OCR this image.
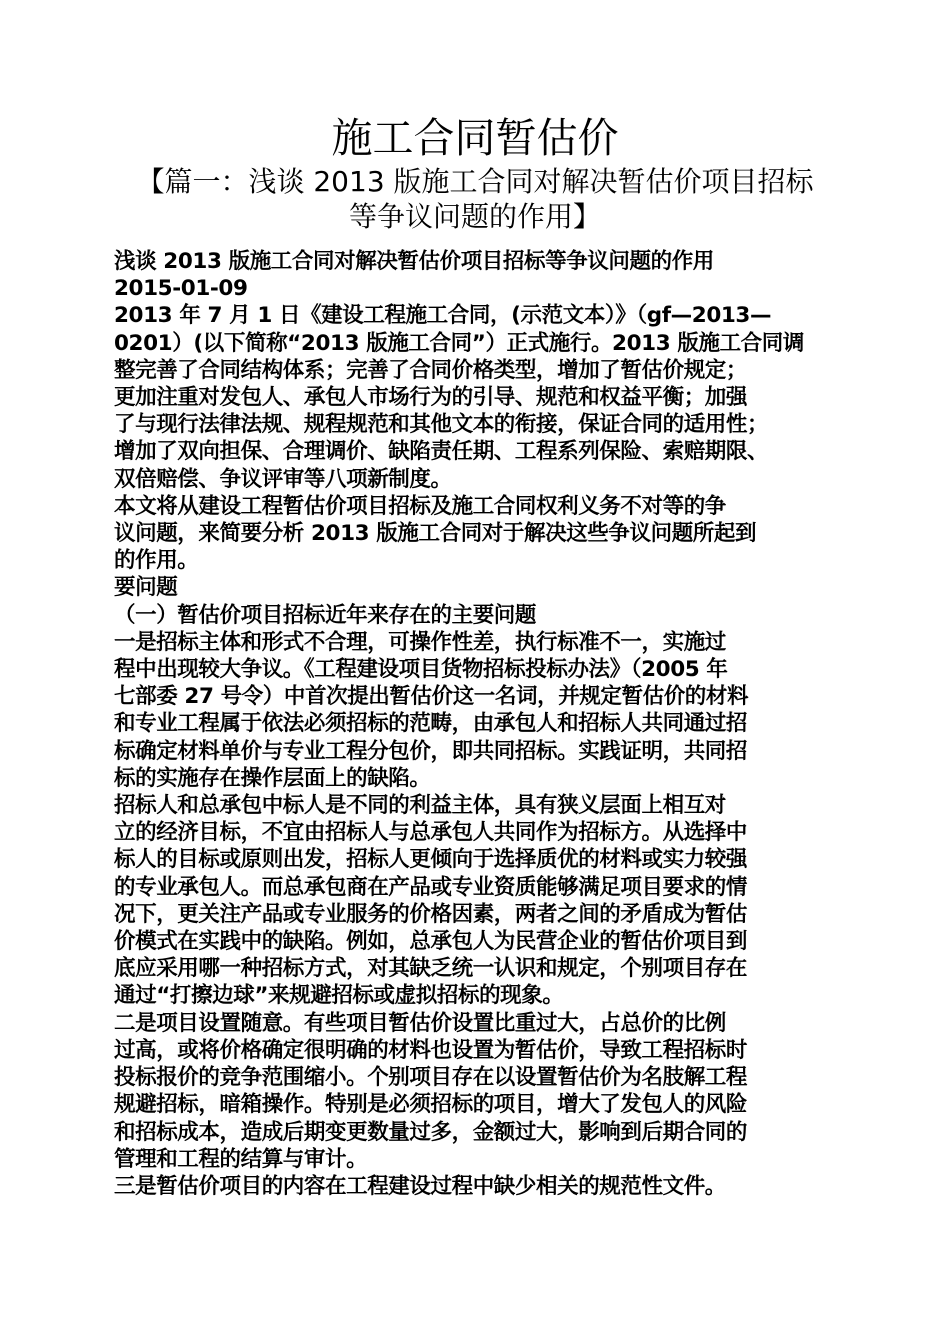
施工合同暂估价
【篇一：浅谈 2013 版施工合同对解决暂估价项目招标
等争议问题的作用】
浅谈 2013 版施工合同对解决暂估价项目招标等争议问题的作用
2015-01-09
2013 年 7 月 1 日《建设工程施工合同，(示范文本）》（gf—2013—
0201）(以下简称“2013 版施工合同”）正式施行。2013 版施工合同调
整完善了合同结构体系；完善了合同价格类型，增加了暂估价规定；
更加注重对发包人、承包人市场行为的引导、规范和权益平衡；加强
了与现行法律法规、规程规范和其他文本的衔接，保证合同的适用性；
增加了双向担保、合理调价、缺陷责任期、工程系列保险、索赔期限、
双倍赔偿、争议评审等八项新制度。
本文将从建设工程暂估价项目招标及施工合同权利义务不对等的争
议问题，来简要分析 2013 版施工合同对于解决这些争议问题所起到
的作用。
要问题
（一）暂估价项目招标近年来存在的主要问题
一是招标主体和形式不合理，可操作性差，执行标准不一，实施过
程中出现较大争议。《工程建设项目货物招标投标办法》（2005 年
七部委 27 号令）中首次提出暂估价这一名词，并规定暂估价的材料
和专业工程属于依法必须招标的范畴，由承包人和招标人共同通过招
标确定材料单价与专业工程分包价，即共同招标。实践证明，共同招
标的实施存在操作层面上的缺陷。
招标人和总承包中标人是不同的利益主体，具有狭义层面上相互对
立的经济目标，不宜由招标人与总承包人共同作为招标方。从选择中
标人的目标或原则出发，招标人更倾向于选择质优的材料或实力较强
的专业承包人。而总承包商在产品或专业资质能够满足项目要求的情
况下，更关注产品或专业服务的价格因素，两者之间的矛盾成为暂估
价模式在实践中的缺陷。例如，总承包人为民营企业的暂估价项目到
底应采用哪一种招标方式，对其缺乏统一认识和规定，个别项目存在
通过“打擦边球”来规避招标或虚拟招标的现象。
二是项目设置随意。有些项目暂估价设置比重过大，占总价的比例
过高，或将价格确定很明确的材料也设置为暂估价，导致工程招标时
投标报价的竞争范围缩小。个别项目存在以设置暂估价为名肢解工程
规避招标，暗箱操作。特别是必须招标的项目，增大了发包人的风险
和招标成本，造成后期变更数量过多，金额过大，影响到后期合同的
管理和工程的结算与审计。
三是暂估价项目的内容在工程建设过程中缺少相关的规范性文件。
